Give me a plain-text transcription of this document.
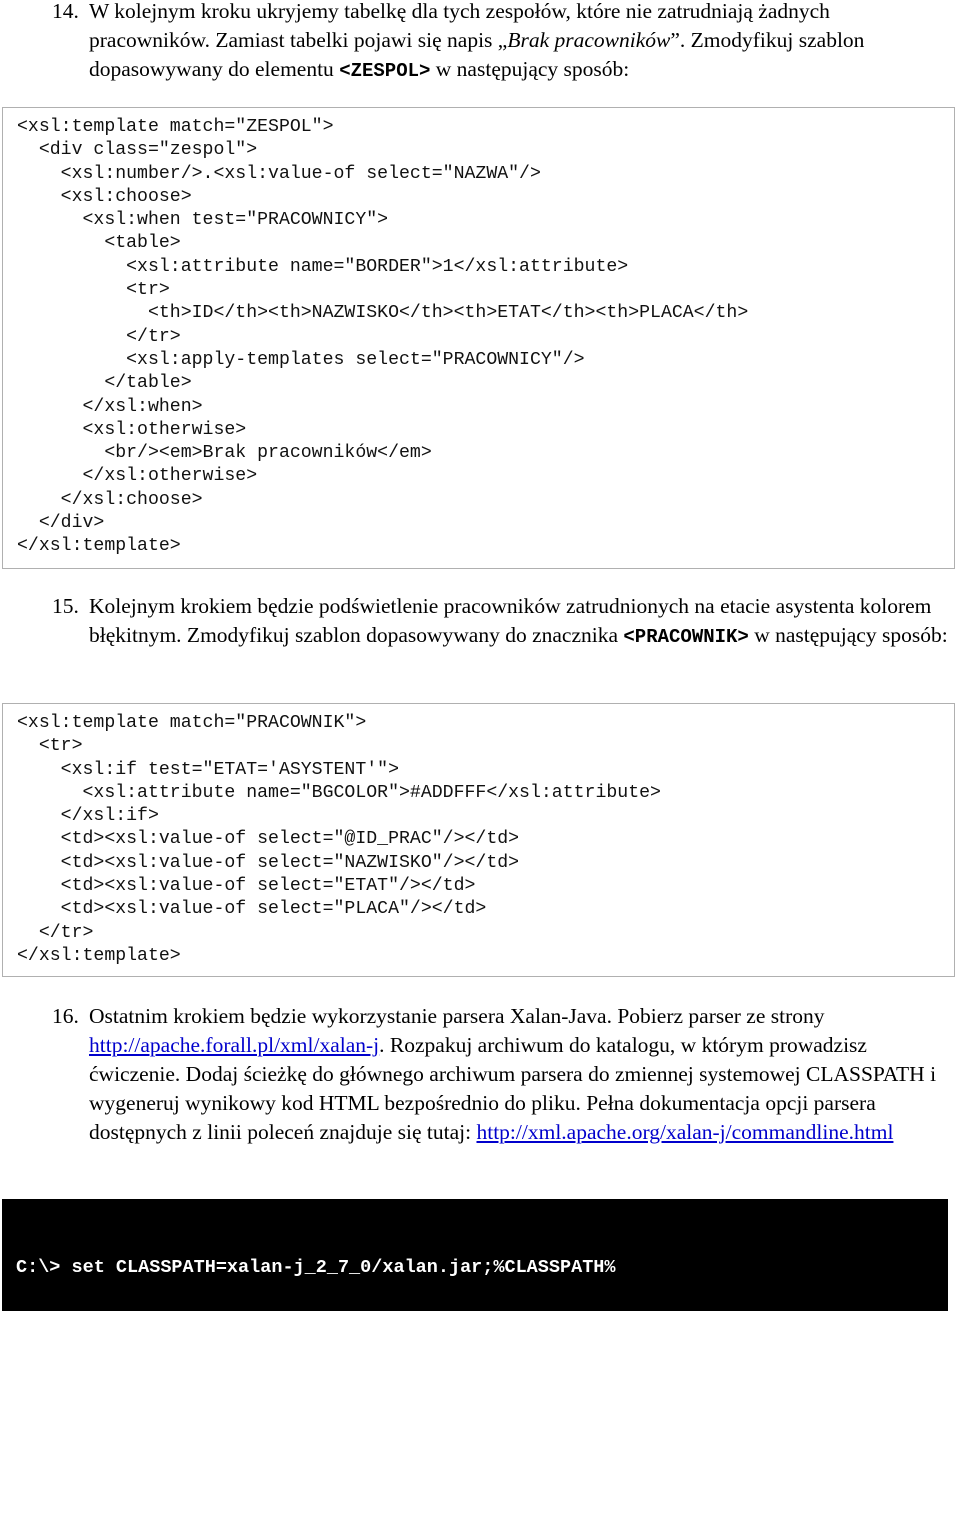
14. W kolejnym kroku ukryjemy tabelkę dla tych zespołów, które nie zatrudniają żadnych pracowników. Zamiast tabelki pojawi się napis „Brak pracowników”. Zmodyfikuj szablon dopasowywany do elementu <ZESPOL> w następujący sposób:
<xsl:template match="ZESPOL">
<div class="zespol">
<xsl:number/>.<xsl:value-of select="NAZWA"/>
<xsl:choose>
<xsl:when test="PRACOWNICY">
<table>
<xsl:attribute name="BORDER">1</xsl:attribute>
<tr>
<th>ID</th><th>NAZWISKO</th><th>ETAT</th><th>PLACA</th>
</tr>
<xsl:apply-templates select="PRACOWNICY"/>
</table>
</xsl:when>
<xsl:otherwise>
<br/><em>Brak pracowników</em>
</xsl:otherwise>
</xsl:choose>
</div>
</xsl:template>
15. Kolejnym krokiem będzie podświetlenie pracowników zatrudnionych na etacie asystenta kolorem błękitnym. Zmodyfikuj szablon dopasowywany do znacznika <PRACOWNIK> w następujący sposób:
<xsl:template match="PRACOWNIK">
<tr>
<xsl:if test="ETAT='ASYSTENT'">
<xsl:attribute name="BGCOLOR">#ADDFFF</xsl:attribute>
</xsl:if>
<td><xsl:value-of select="@ID_PRAC"/></td>
<td><xsl:value-of select="NAZWISKO"/></td>
<td><xsl:value-of select="ETAT"/></td>
<td><xsl:value-of select="PLACA"/></td>
</tr>
</xsl:template>
16. Ostatnim krokiem będzie wykorzystanie parsera Xalan-Java. Pobierz parser ze strony http://apache.forall.pl/xml/xalan-j. Rozpakuj archiwum do katalogu, w którym prowadzisz ćwiczenie. Dodaj ścieżkę do głównego archiwum parsera do zmiennej systemowej CLASSPATH i wygeneruj wynikowy kod HTML bezpośrednio do pliku. Pełna dokumentacja opcji parsera dostępnych z linii poleceń znajduje się tutaj: http://xml.apache.org/xalan-j/commandline.html

C:\> set CLASSPATH=xalan-j_2_7_0/xalan.jar;%CLASSPATH%

C:\>java org.apache.xalan.xslt.Process -IN pracownicy.xml

-XSL transform.xsl -OUT pracownicy.html
